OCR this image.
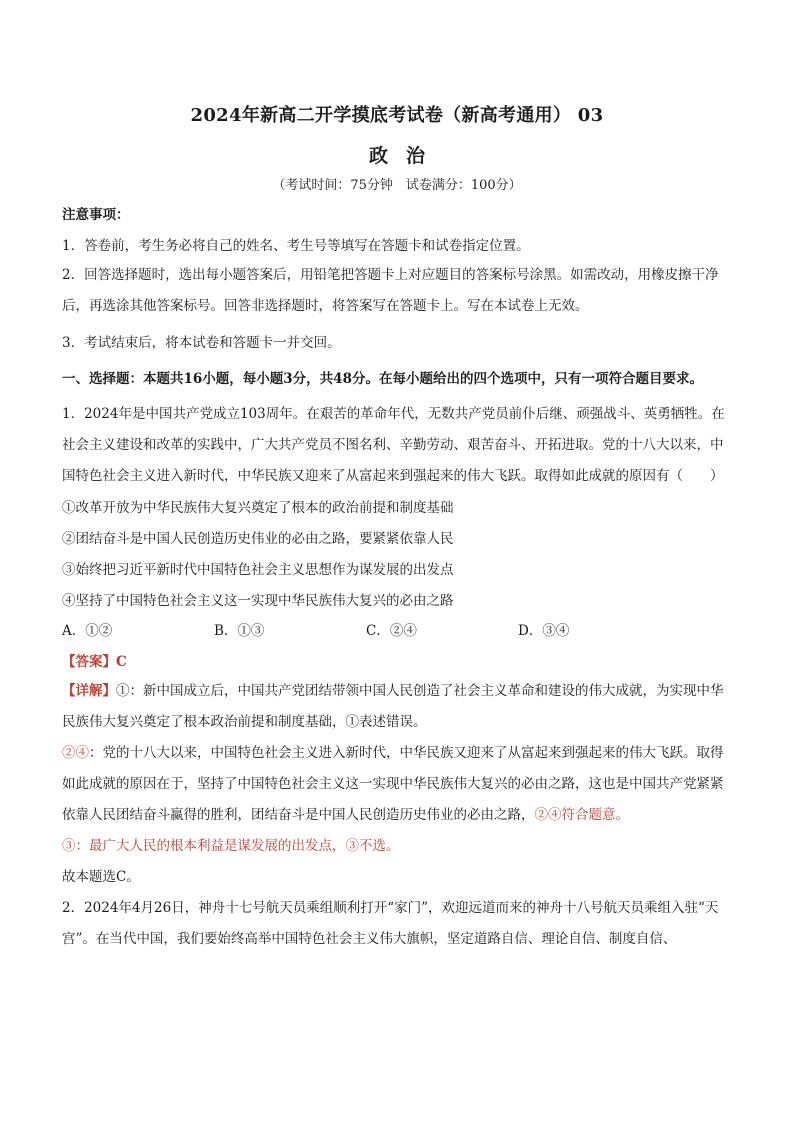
2024年新高二开学摸底考试卷（新高考通用） 03
政治

（考试时间：75分钟　试卷满分：100分）

注意事项：

1．答卷前，考生务必将自己的姓名、考生号等填写在答题卡和试卷指定位置。

2．回答选择题时，选出每小题答案后，用铅笔把答题卡上对应题目的答案标号涂黑。如需改动，用橡皮擦干净后，再选涂其他答案标号。回答非选择题时，将答案写在答题卡上。写在本试卷上无效。

3．考试结束后，将本试卷和答题卡一并交回。

一、选择题：本题共16小题，每小题3分，共48分。在每小题给出的四个选项中，只有一项符合题目要求。

1．2024年是中国共产党成立103周年。在艰苦的革命年代，无数共产党员前仆后继、顽强战斗、英勇牺牲。在社会主义建设和改革的实践中，广大共产党员不图名利、辛勤劳动、艰苦奋斗、开拓进取。党的十八大以来，中国特色社会主义进入新时代，中华民族又迎来了从富起来到强起来的伟大飞跃。取得如此成就的原因有（　　）

①改革开放为中华民族伟大复兴奠定了根本的政治前提和制度基础

②团结奋斗是中国人民创造历史伟业的必由之路，要紧紧依靠人民

③始终把习近平新时代中国特色社会主义思想作为谋发展的出发点

④坚持了中国特色社会主义这一实现中华民族伟大复兴的必由之路

A．①②	B．①③	C．②④	D．③④

【答案】C

【详解】①：新中国成立后，中国共产党团结带领中国人民创造了社会主义革命和建设的伟大成就，为实现中华民族伟大复兴奠定了根本政治前提和制度基础，①表述错误。

②④：党的十八大以来，中国特色社会主义进入新时代，中华民族又迎来了从富起来到强起来的伟大飞跃。取得如此成就的原因在于，坚持了中国特色社会主义这一实现中华民族伟大复兴的必由之路，这也是中国共产党紧紧依靠人民团结奋斗赢得的胜利，团结奋斗是中国人民创造历史伟业的必由之路，②④符合题意。

③：最广大人民的根本利益是谋发展的出发点，③不选。

故本题选C。

2．2024年4月26日，神舟十七号航天员乘组顺利打开“家门”，欢迎远道而来的神舟十八号航天员乘组入驻“天宫”。在当代中国，我们要始终高举中国特色社会主义伟大旗帜，坚定道路自信、理论自信、制度自信、
